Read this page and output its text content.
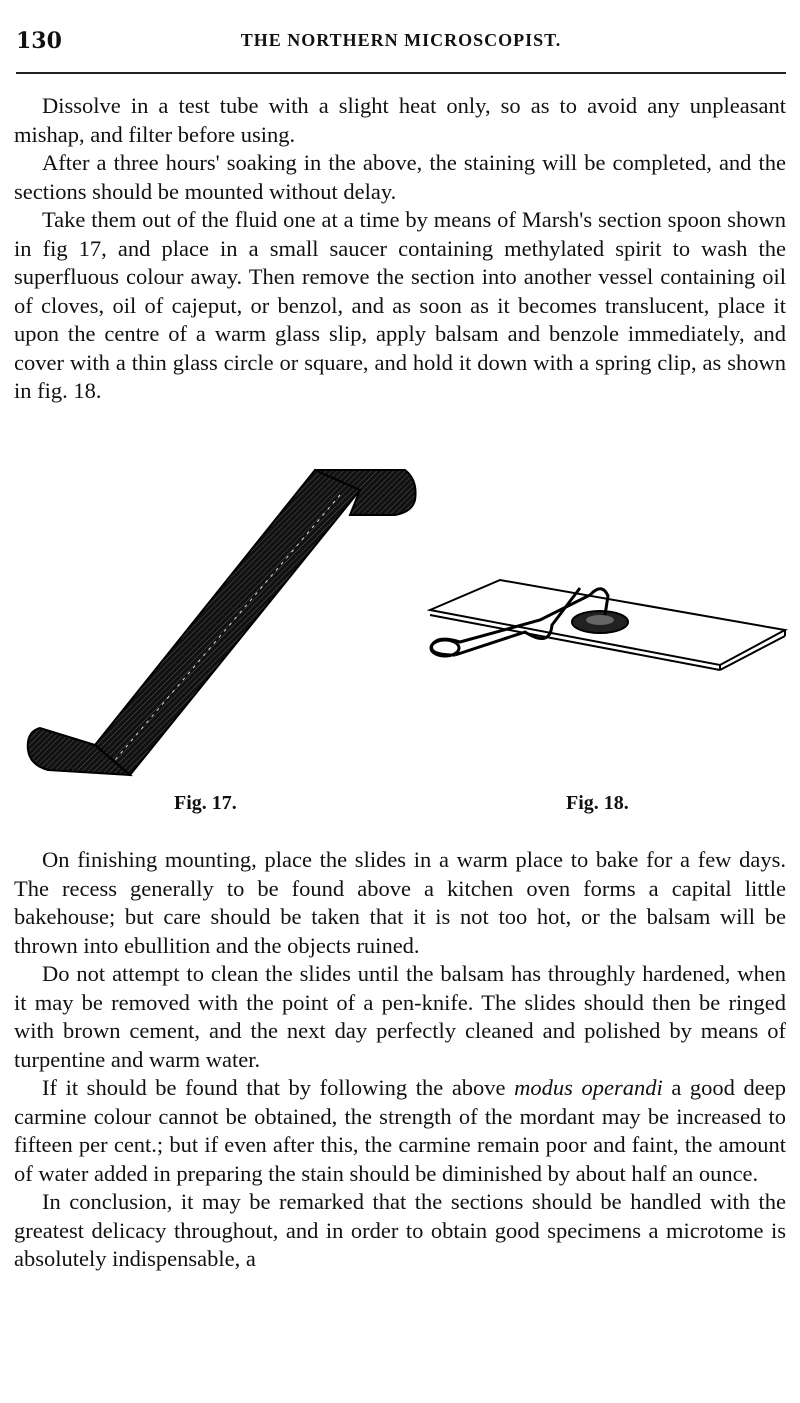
130	THE NORTHERN MICROSCOPIST.

Dissolve in a test tube with a slight heat only, so as to avoid any unpleasant mishap, and filter before using.

After a three hours' soaking in the above, the staining will be completed, and the sections should be mounted without delay.

Take them out of the fluid one at a time by means of Marsh's section spoon shown in fig 17, and place in a small saucer containing methylated spirit to wash the superfluous colour away. Then remove the section into another vessel containing oil of cloves, oil of cajeput, or benzol, and as soon as it becomes translucent, place it upon the centre of a warm glass slip, apply balsam and benzole immediately, and cover with a thin glass circle or square, and hold it down with a spring clip, as shown in fig. 18.

Fig. 17.	Fig. 18.

On finishing mounting, place the slides in a warm place to bake for a few days. The recess generally to be found above a kitchen oven forms a capital little bakehouse; but care should be taken that it is not too hot, or the balsam will be thrown into ebullition and the objects ruined.

Do not attempt to clean the slides until the balsam has throughly hardened, when it may be removed with the point of a pen-knife. The slides should then be ringed with brown cement, and the next day perfectly cleaned and polished by means of turpentine and warm water.

If it should be found that by following the above modus operandi a good deep carmine colour cannot be obtained, the strength of the mordant may be increased to fifteen per cent.; but if even after this, the carmine remain poor and faint, the amount of water added in preparing the stain should be diminished by about half an ounce.

In conclusion, it may be remarked that the sections should be handled with the greatest delicacy throughout, and in order to obtain good specimens a microtome is absolutely indispensable, a
